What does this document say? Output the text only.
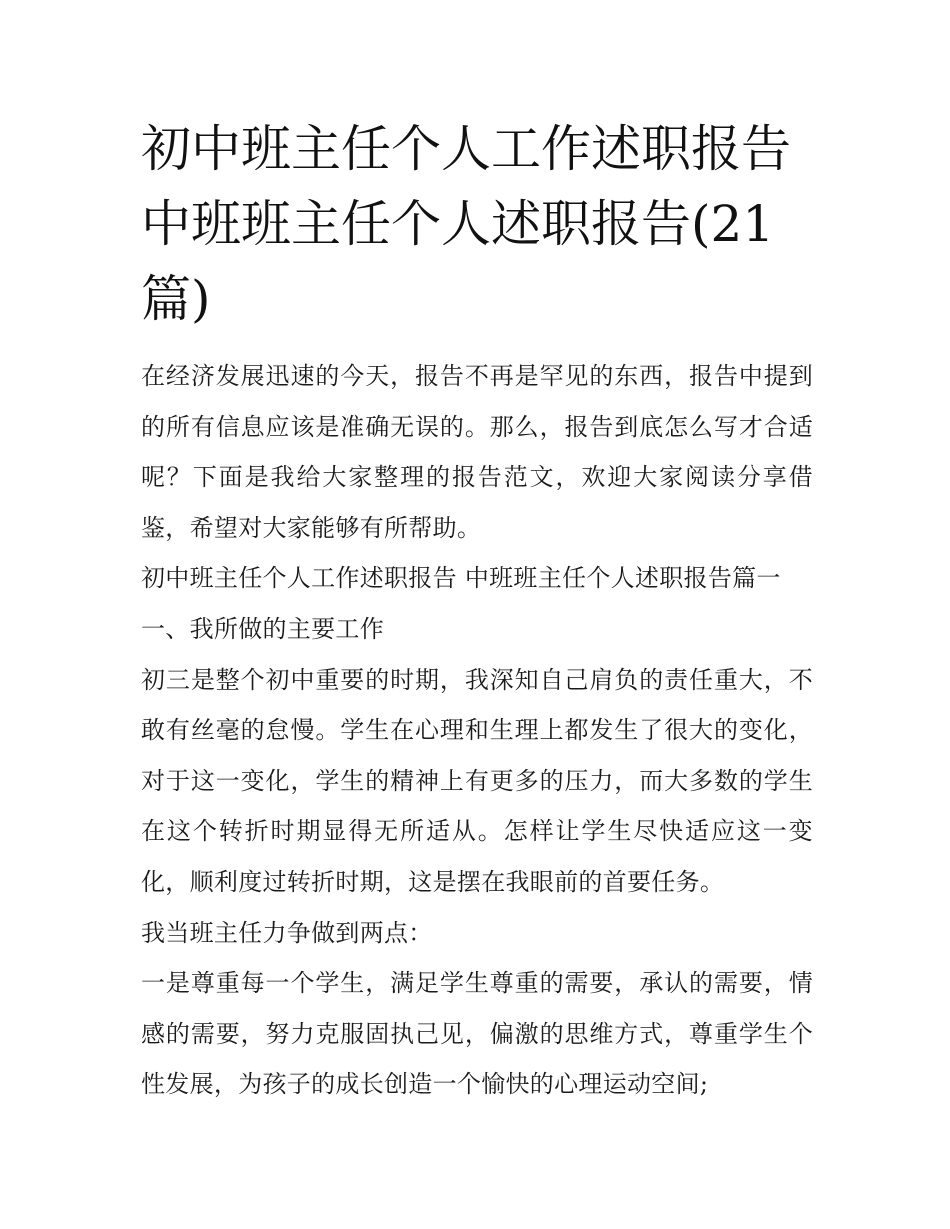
初中班主任个人工作述职报告 中班班主任个人述职报告(21篇)

在经济发展迅速的今天，报告不再是罕见的东西，报告中提到的所有信息应该是准确无误的。那么，报告到底怎么写才合适呢？下面是我给大家整理的报告范文，欢迎大家阅读分享借鉴，希望对大家能够有所帮助。

初中班主任个人工作述职报告 中班班主任个人述职报告篇一

一、我所做的主要工作

初三是整个初中重要的时期，我深知自己肩负的责任重大，不敢有丝毫的怠慢。学生在心理和生理上都发生了很大的变化，对于这一变化，学生的精神上有更多的压力，而大多数的学生在这个转折时期显得无所适从。怎样让学生尽快适应这一变化，顺利度过转折时期，这是摆在我眼前的首要任务。

我当班主任力争做到两点：

一是尊重每一个学生，满足学生尊重的需要，承认的需要，情感的需要，努力克服固执己见，偏激的思维方式，尊重学生个性发展，为孩子的成长创造一个愉快的心理运动空间;
